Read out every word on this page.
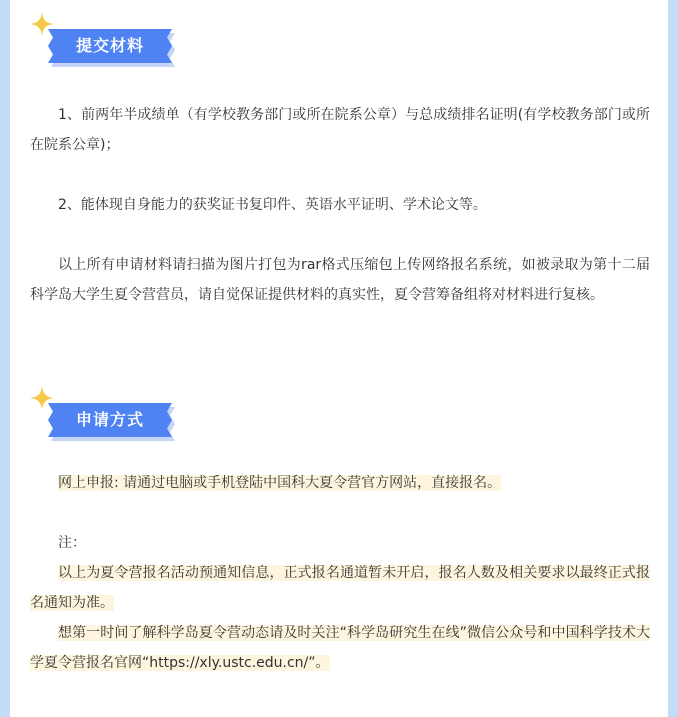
提交材料

1、前两年半成绩单（有学校教务部门或所在院系公章）与总成绩排名证明(有学校教务部门或所在院系公章)；

2、能体现自身能力的获奖证书复印件、英语水平证明、学术论文等。

以上所有申请材料请扫描为图片打包为rar格式压缩包上传网络报名系统，如被录取为第十二届科学岛大学生夏令营营员，请自觉保证提供材料的真实性，夏令营筹备组将对材料进行复核。

申请方式

网上申报: 请通过电脑或手机登陆中国科大夏令营官方网站，直接报名。

注：

以上为夏令营报名活动预通知信息，正式报名通道暂未开启，报名人数及相关要求以最终正式报名通知为准。

想第一时间了解科学岛夏令营动态请及时关注“科学岛研究生在线”微信公众号和中国科学技术大学夏令营报名官网“https://xly.ustc.edu.cn/”。
